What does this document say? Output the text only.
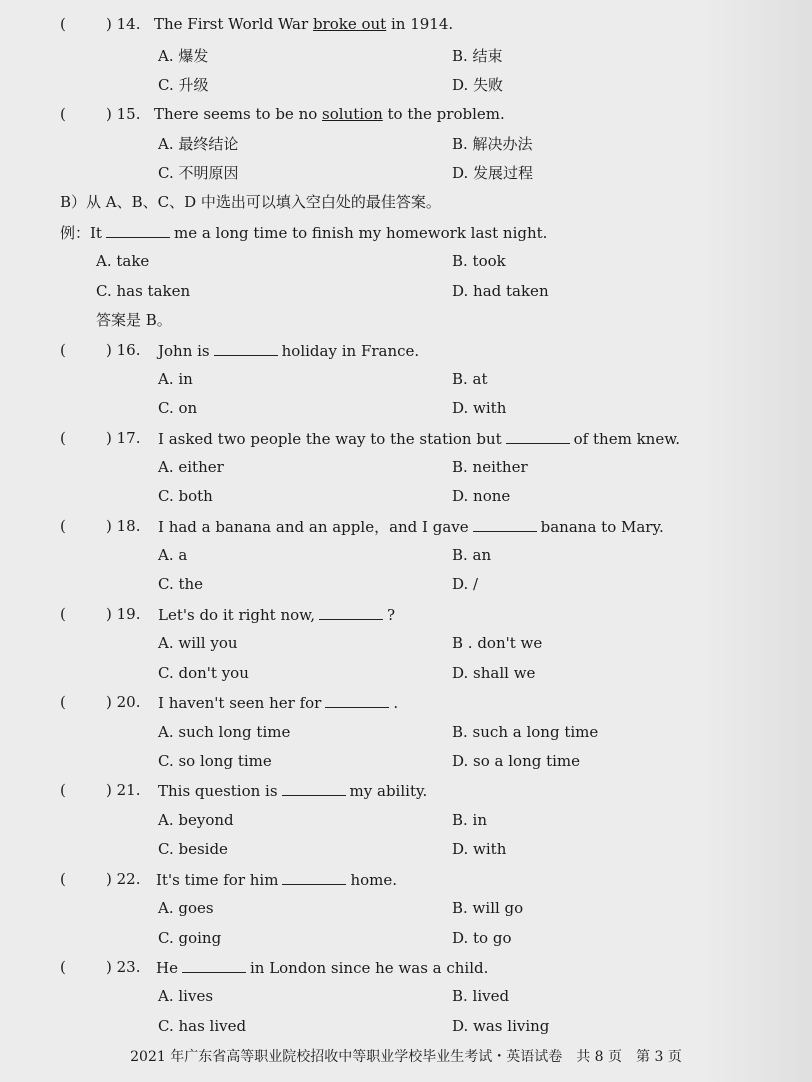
(	) 14. The First World War broke out in 1914.
A. 爆发	B. 结束
C. 升级	D. 失败
(	) 15. There seems to be no solution to the problem.
A. 最终结论	B. 解决办法
C. 不明原因	D. 发展过程
B）从 A、B、C、D 中选出可以填入空白处的最佳答案。
例：It	me a long time to finish my homework last night.
A. take	B. took
C. has taken	D. had taken
答案是 B。
(	) 16. John is	holiday in France.
A. in	B. at
C. on	D. with
(	) 17. I asked two people the way to the station but	of them knew.
A. either	B. neither
C. both	D. none
(	) 18. I had a banana and an apple，and I gave	banana to Mary.
A. a	B. an
C. the	D. /
(	) 19. Let's do it right now,	?
A. will you	B . don't we
C. don't you	D. shall we
(	) 20. I haven't seen her for	.
A. such long time	B. such a long time
C. so long time	D. so a long time
(	) 21. This question is	my ability.
A. beyond	B. in
C. beside	D. with
(	) 22. It's time for him	home.
A. goes	B. will go
C. going	D. to go
(	) 23. He	in London since he was a child.
A. lives	B. lived
C. has lived	D. was living
2021 年广东省高等职业院校招收中等职业学校毕业生考试・英语试卷　共 8 页　第 3 页
